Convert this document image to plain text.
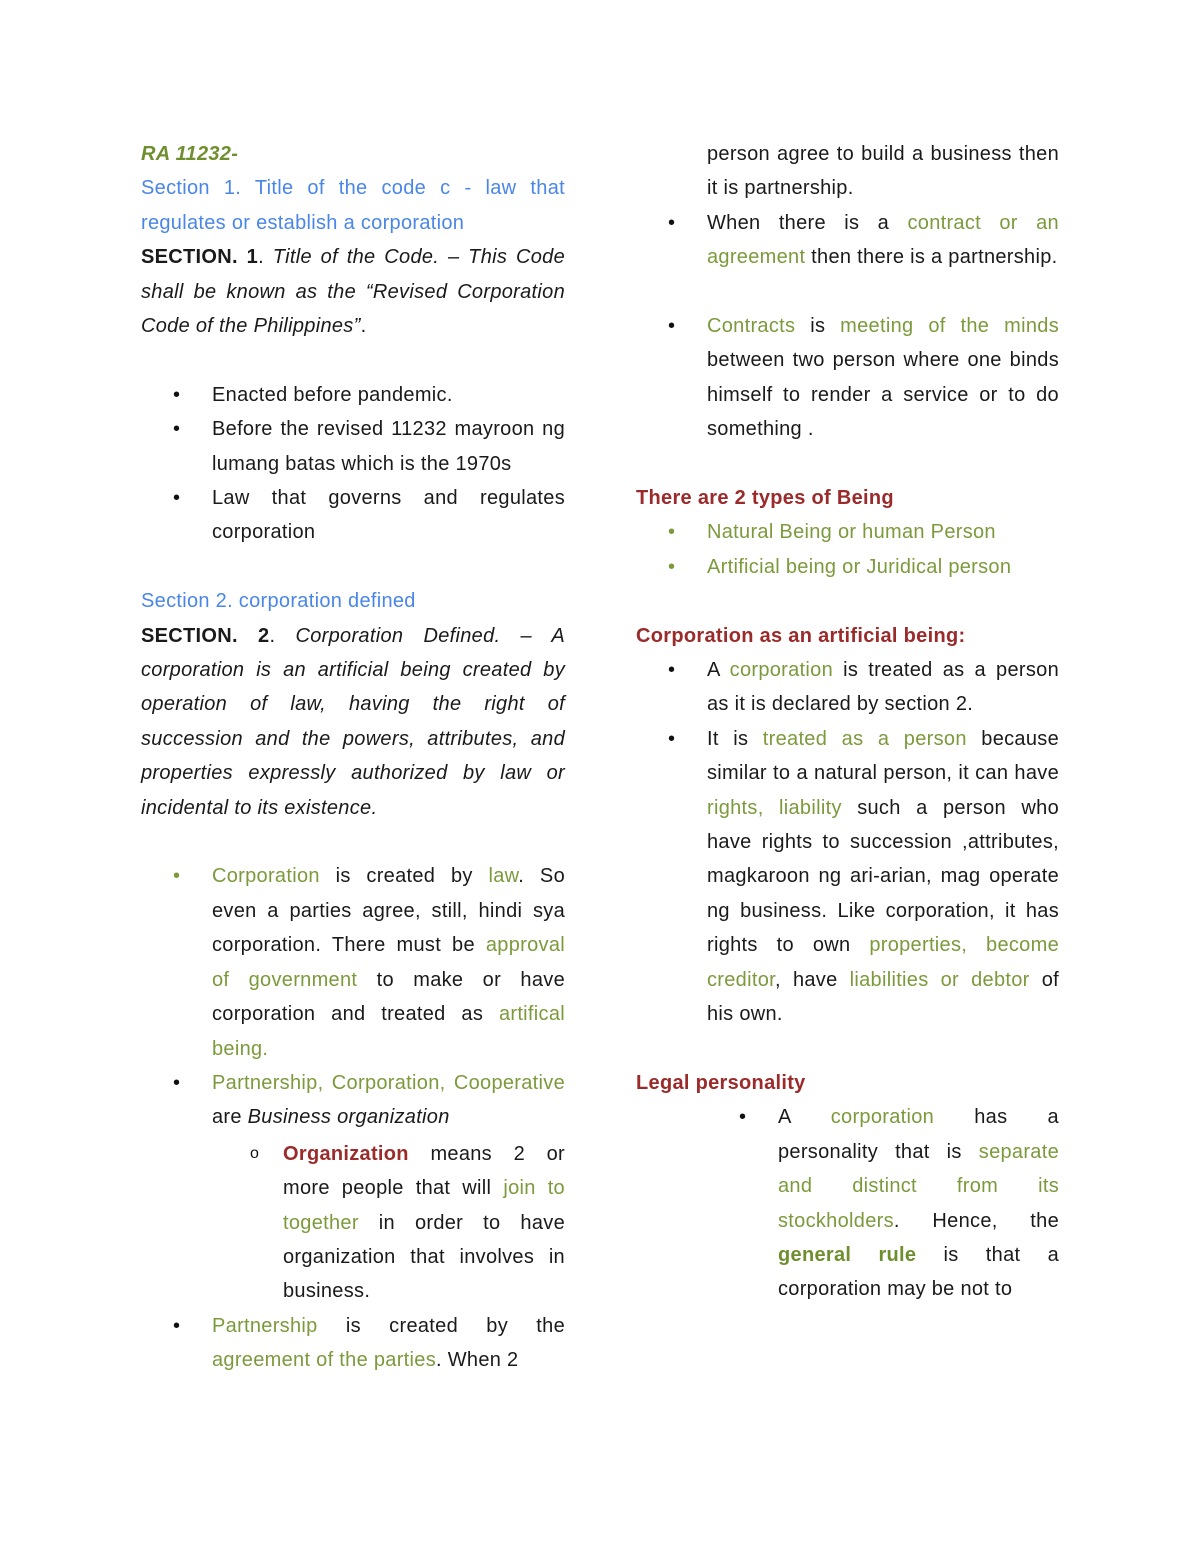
RA 11232-

Section 1. Title of the code c - law that regulates or establish a corporation

SECTION. 1. Title of the Code. – This Code shall be known as the “Revised Corporation Code of the Philippines”.

• Enacted before pandemic.
• Before the revised 11232 mayroon ng lumang batas which is the 1970s
• Law that governs and regulates corporation

Section 2. corporation defined

SECTION. 2. Corporation Defined. – A corporation is an artificial being created by operation of law, having the right of succession and the powers, attributes, and properties expressly authorized by law or incidental to its existence.

• Corporation is created by law. So even a parties agree, still, hindi sya corporation. There must be approval of government to make or have corporation and treated as artifical being.
• Partnership, Corporation, Cooperative are Business organization
o Organization means 2 or more people that will join to together in order to have organization that involves in business.
• Partnership is created by the agreement of the parties. When 2

person agree to build a business then it is partnership.

• When there is a contract or an agreement then there is a partnership.
• Contracts is meeting of the minds between two person where one binds himself to render a service or to do something .

There are 2 types of Being

• Natural Being or human Person
• Artificial being or Juridical person

Corporation as an artificial being:

• A corporation is treated as a person as it is declared by section 2.
• It is treated as a person because similar to a natural person, it can have rights, liability such a person who have rights to succession ,attributes, magkaroon ng ari-arian, mag operate ng business. Like corporation, it has rights to own properties, become creditor, have liabilities or debtor of his own.

Legal personality

• A corporation has a personality that is separate and distinct from its stockholders. Hence, the general rule is that a corporation may be not to
